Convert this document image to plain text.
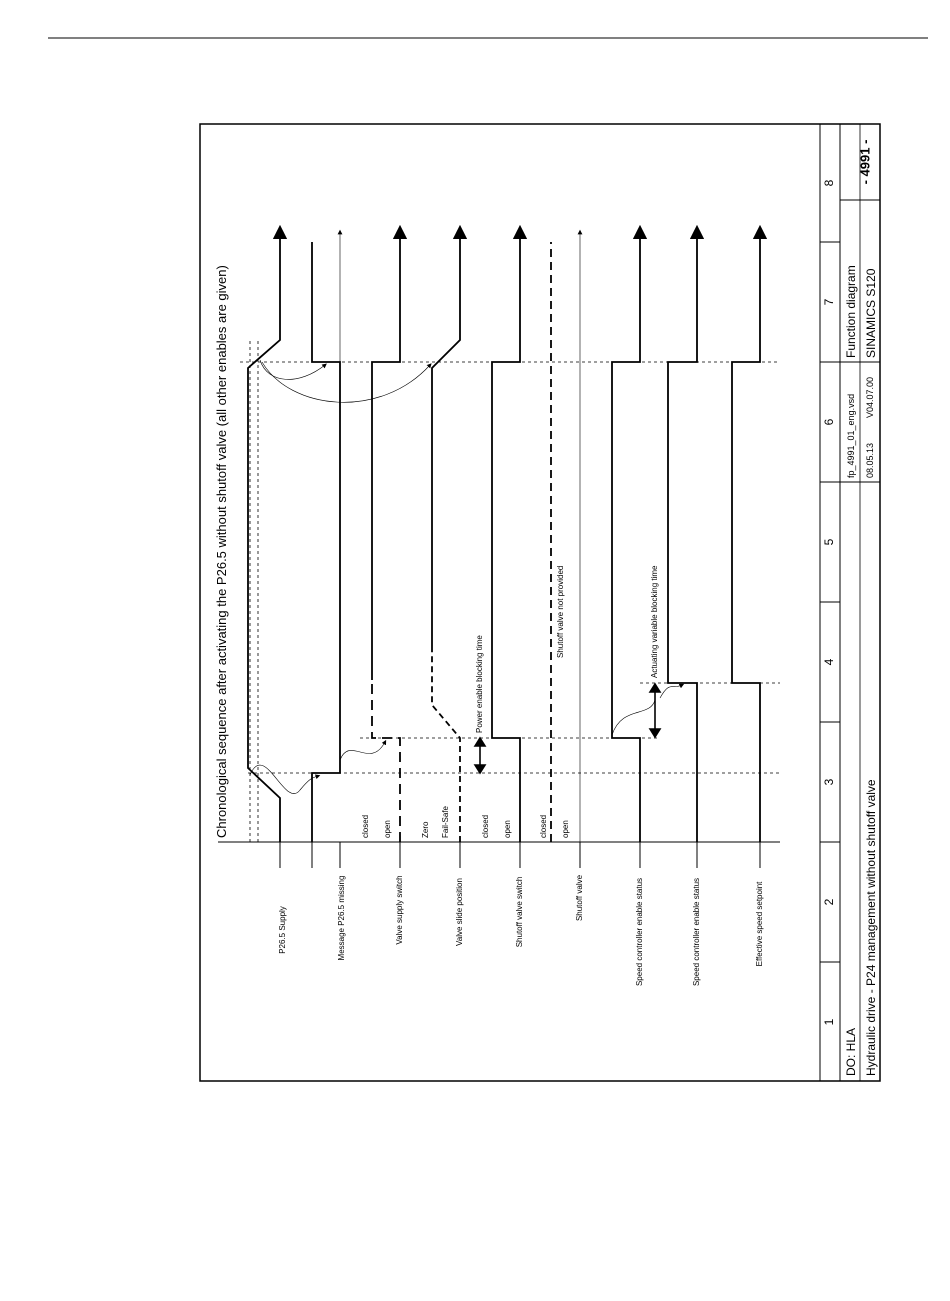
1
2
3
4
5
6
7
8
DO: HLA Hydraulic drive - P24 management without shutoff valve
fp_4991_01_eng.vsd 08.05.13
V04.07.00
Function diagram SINAMICS S120
- 4991 -
Chronological sequence after activating the P26.5 without shutoff valve (all other enables are given)
P26.5 Supply	Message P26.5 missing	Valve supply switch	Valve slide position	Shutoff valve switch	Shutoff valve	Speed controller enable status	Speed controller enable status	Effective speed setpoint
closed open	Zero Fail-Safe	closed open	closed open
Power enable blocking time
Shutoff valve not provided	Actuating variable blocking time
